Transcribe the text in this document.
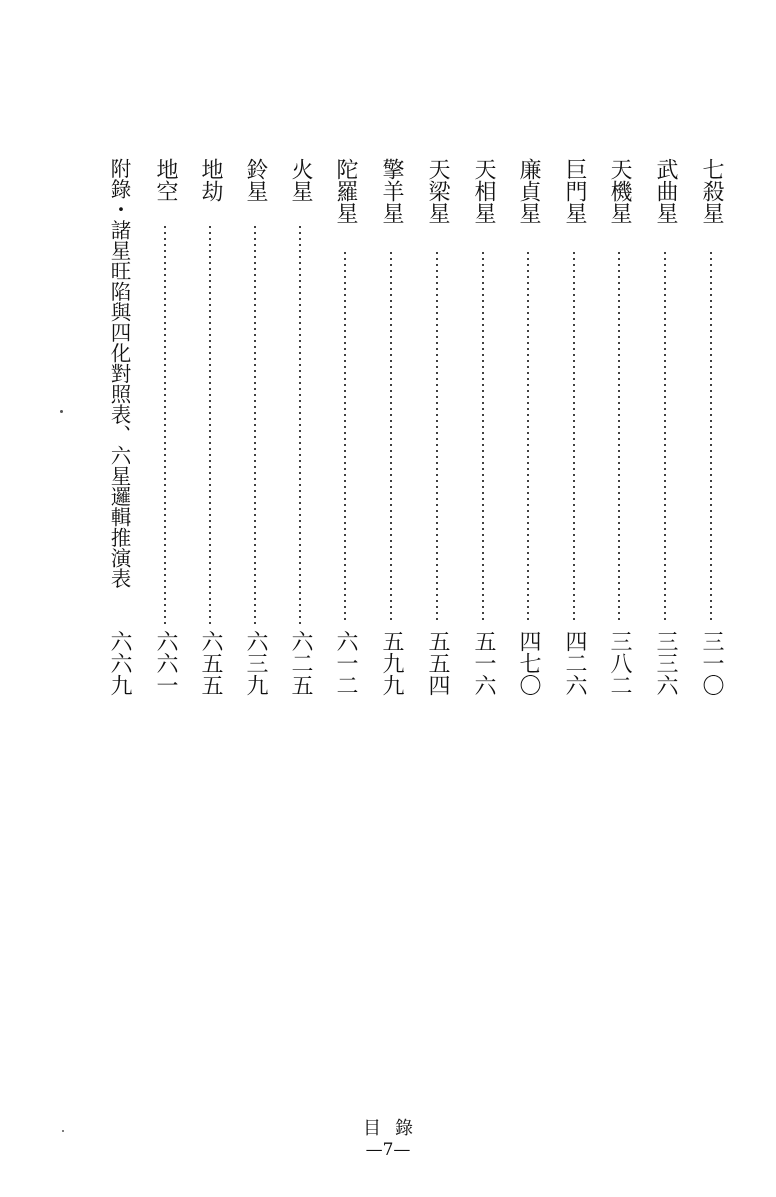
七殺星
三一〇
武曲星
三三六
天機星
三八二
巨門星
四二六
廉貞星
四七〇
天相星
五一六
天梁星
五五四
擎羊星
五九九
陀羅星
六一二
火星
六二五
鈴星
六三九
地劫
六五五
地空
六六一
附錄・諸星旺陷與四化對照表、六星邏輯推演表
六六九
目錄
—7—
